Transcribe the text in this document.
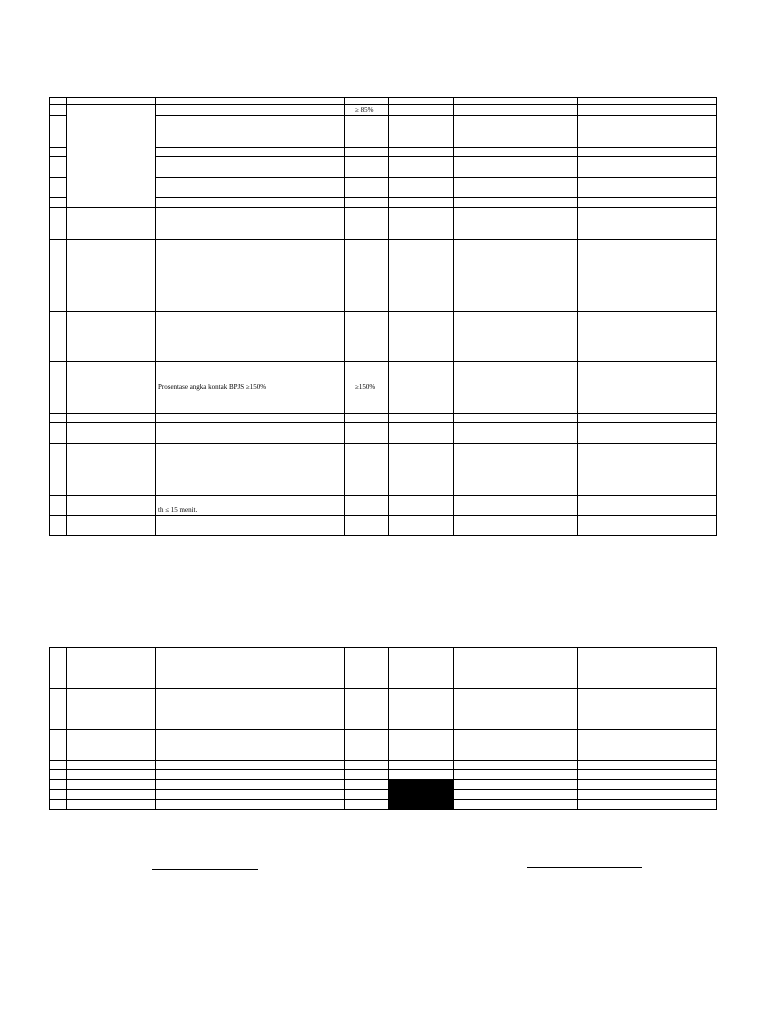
≥ 85%
Prosentase angka kontak BPJS ≥150%	≥150%
th ≤ 15 menit.
